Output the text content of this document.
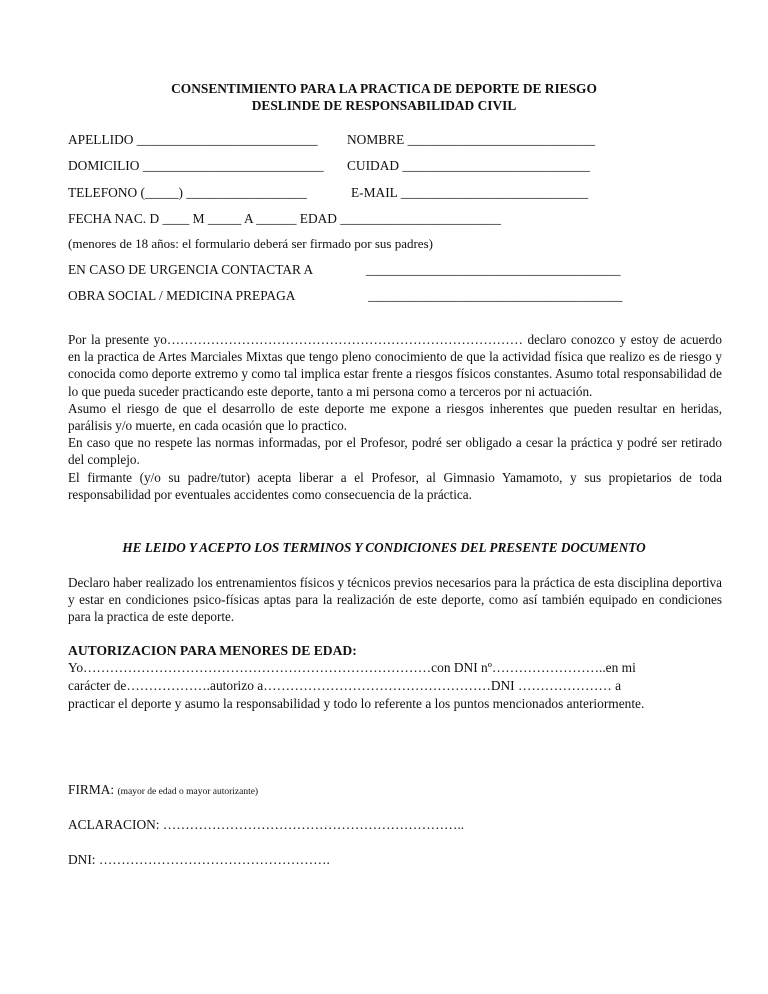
CONSENTIMIENTO PARA LA PRACTICA DE DEPORTE DE RIESGO
DESLINDE DE RESPONSABILIDAD CIVIL
APELLIDO ___________________________ NOMBRE ____________________________
DOMICILIO ___________________________ CUIDAD ____________________________
TELEFONO (_____) __________________	E-MAIL ____________________________
FECHA NAC. D ____ M _____ A ______ EDAD ________________________
(menores de 18 años: el formulario deberá ser firmado por sus padres)
EN CASO DE URGENCIA CONTACTAR A	______________________________________
OBRA SOCIAL / MEDICINA PREPAGA	______________________________________

Por la presente yo……………………………………………………………………… declaro conozco y estoy de acuerdo en la practica de Artes Marciales Mixtas que tengo pleno conocimiento de que la actividad física que realizo es de riesgo y conocida como deporte extremo y como tal implica estar frente a riesgos físicos constantes. Asumo total responsabilidad de lo que pueda suceder practicando este deporte, tanto a mi persona como a terceros por ni actuación.

Asumo el riesgo de que el desarrollo de este deporte me expone a riesgos inherentes que pueden resultar en heridas, parálisis y/o muerte, en cada ocasión que lo practico.

En caso que no respete las normas informadas, por el Profesor, podré ser obligado a cesar la práctica y podré ser retirado del complejo.

El firmante (y/o su padre/tutor) acepta liberar a el Profesor, al Gimnasio Yamamoto, y sus propietarios de toda responsabilidad por eventuales accidentes como consecuencia de la práctica.

HE LEIDO Y ACEPTO LOS TERMINOS Y CONDICIONES DEL PRESENTE DOCUMENTO

Declaro haber realizado los entrenamientos físicos y técnicos previos necesarios para la práctica de esta disciplina deportiva y estar en condiciones psico-físicas aptas para la realización de este deporte, como así también equipado en condiciones para la practica de este deporte.

AUTORIZACION PARA MENORES DE EDAD:
Yo……………………………………………………………………con DNI nº……………………..en mi
carácter de……………….autorizo a……………………………………………DNI ………………… a
practicar el deporte y asumo la responsabilidad y todo lo referente a los puntos mencionados anteriormente.
FIRMA: (mayor de edad o mayor autorizante)
ACLARACION: …………………………………………………………..
DNI: …………………………………………….
